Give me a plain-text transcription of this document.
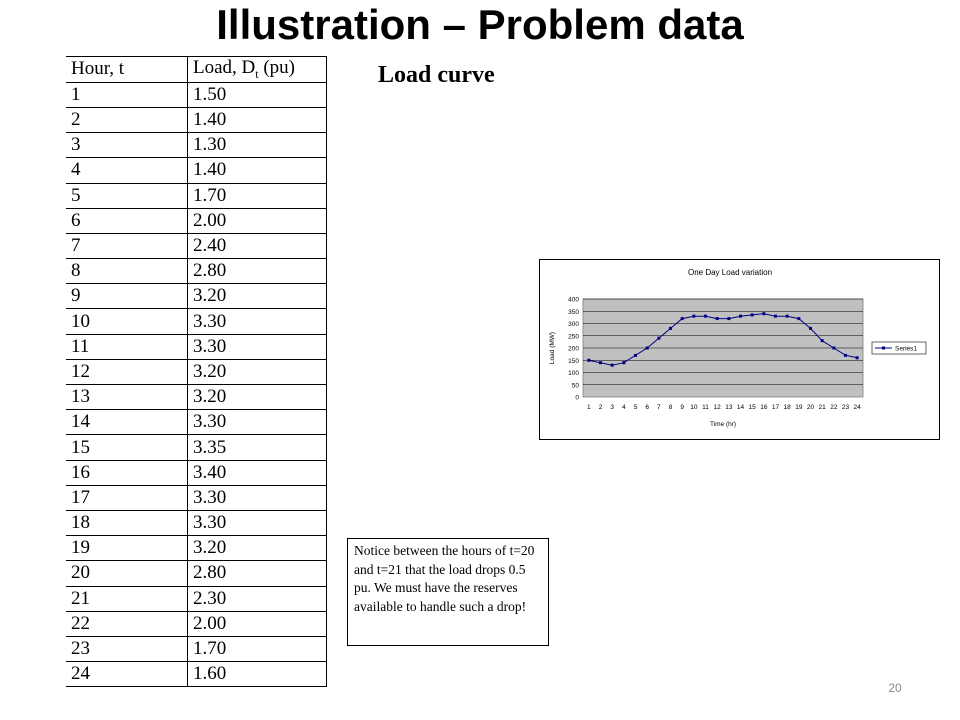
Illustration – Problem data
Hour, t	Load, $D_t$ (pu)
1	1.50
2	1.40
3	1.30
4	1.40
5	1.70
6	2.00
7	2.40
8	2.80
9	3.20
10	3.30
11	3.30
12	3.20
13	3.20
14	3.30
15	3.35
16	3.40
17	3.30
18	3.30
19	3.20
20	2.80
21	2.30
22	2.00
23	1.70
24	1.60
Load curve
One Day Load variation
0
50
100
150
200
250
300
350
400
1 2 3 4 5 6 7 8 9 10 11 12 13 14 15 16 17 18 19 20 21 22 23 24
Time (hr)
Load (MW)	Series1
Notice between the hours of t=20 and t=21 that the load drops 0.5 pu. We must have the reserves available to handle such a drop!
20
